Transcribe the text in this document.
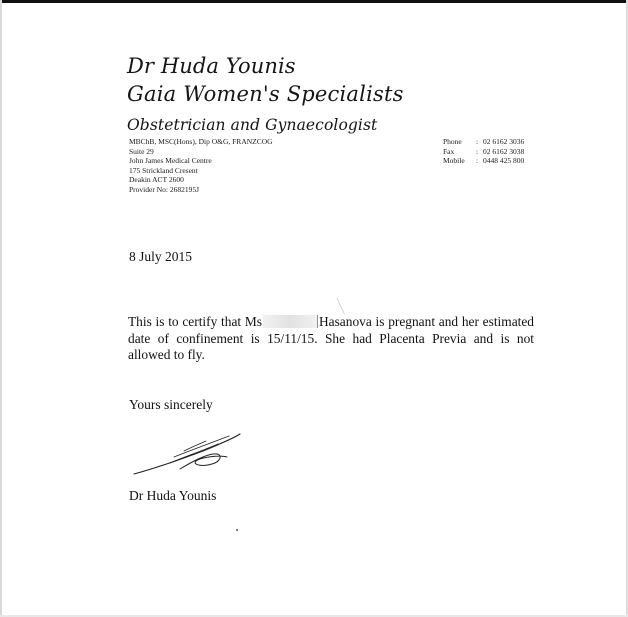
Dr Huda Younis
Gaia Women's Specialists
Obstetrician and Gynaecologist
MBChB, MSC(Hons), Dip O&G, FRANZCOG
Suite 29
John James Medical Centre
175 Strickland Cresent
Deakin ACT 2600
Provider No: 2682195J
Phone : 02 6162 3036
Fax	: 02 6162 3038
Mobile : 0448 425 800
8 July 2015
This is to certify that Ms	Hasanova is pregnant and her estimated date of confinement is 15/11/15. She had Placenta Previa and is not allowed to fly.
Yours sincerely
Dr Huda Younis
